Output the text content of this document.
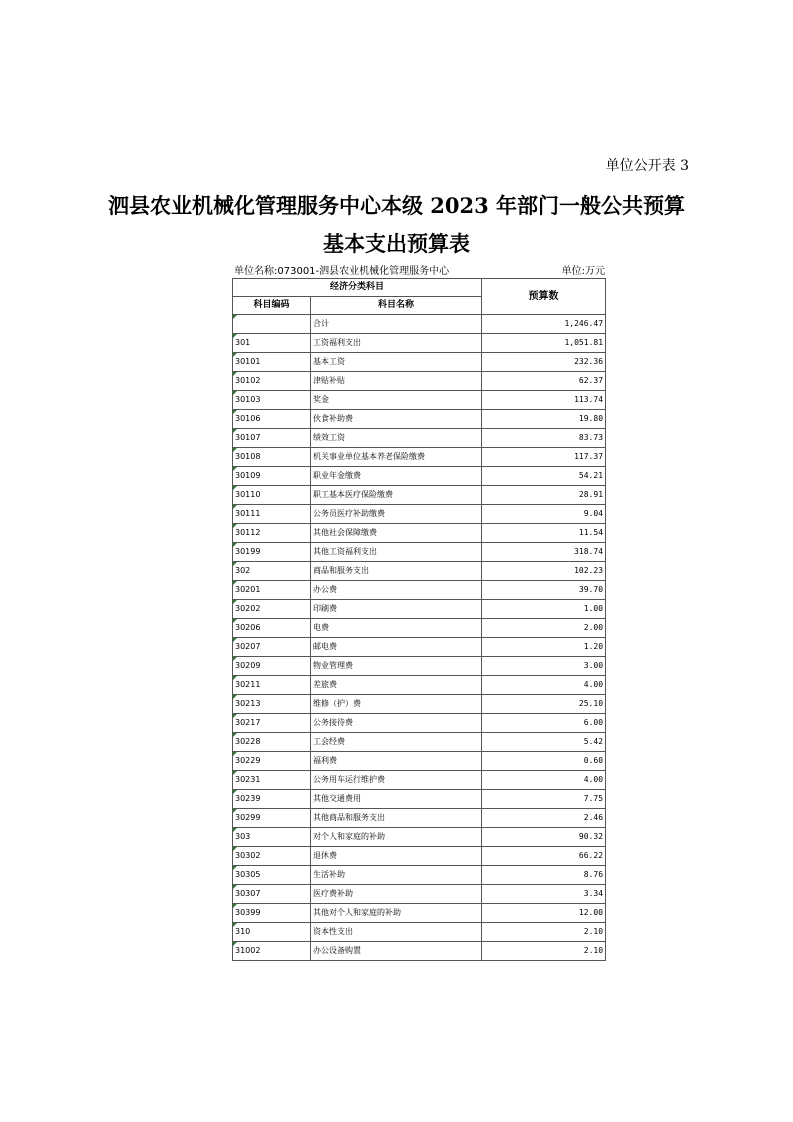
单位公开表 3
泗县农业机械化管理服务中心本级 2023 年部门一般公共预算
基本支出预算表
单位名称:073001-泗县农业机械化管理服务中心	单位:万元
经济分类科目		预算数
科目编码	科目名称	
	合计	1,246.47
301	工资福利支出	1,051.81
30101	基本工资	232.36
30102	津贴补贴	62.37
30103	奖金	113.74
30106	伙食补助费	19.80
30107	绩效工资	83.73
30108	机关事业单位基本养老保险缴费	117.37
30109	职业年金缴费	54.21
30110	职工基本医疗保险缴费	28.91
30111	公务员医疗补助缴费	9.04
30112	其他社会保障缴费	11.54
30199	其他工资福利支出	318.74
302	商品和服务支出	102.23
30201	办公费	39.70
30202	印刷费	1.00
30206	电费	2.00
30207	邮电费	1.20
30209	物业管理费	3.00
30211	差旅费	4.00
30213	维修（护）费	25.10
30217	公务接待费	6.00
30228	工会经费	5.42
30229	福利费	0.60
30231	公务用车运行维护费	4.00
30239	其他交通费用	7.75
30299	其他商品和服务支出	2.46
303	对个人和家庭的补助	90.32
30302	退休费	66.22
30305	生活补助	8.76
30307	医疗费补助	3.34
30399	其他对个人和家庭的补助	12.00
310	资本性支出	2.10
31002	办公设备购置	2.10
